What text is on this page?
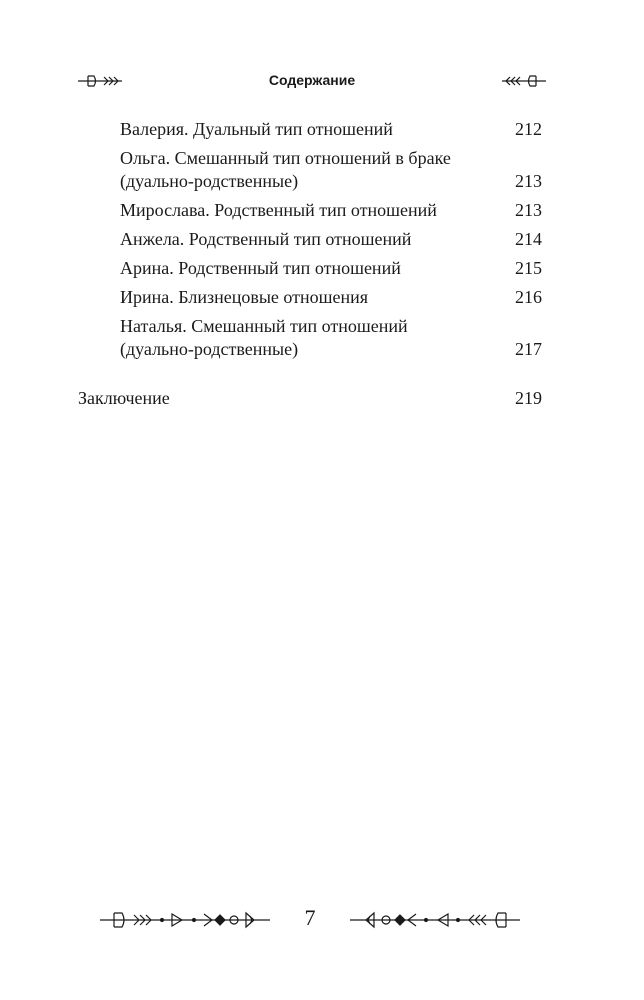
Содержание
Валерия. Дуальный тип отношений	212
Ольга. Смешанный тип отношений в браке (дуально-родственные)	213
Мирослава. Родственный тип отношений	213
Анжела. Родственный тип отношений	214
Арина. Родственный тип отношений	215
Ирина. Близнецовые отношения	216
Наталья. Смешанный тип отношений (дуально-родственные)	217
Заключение	219
7
